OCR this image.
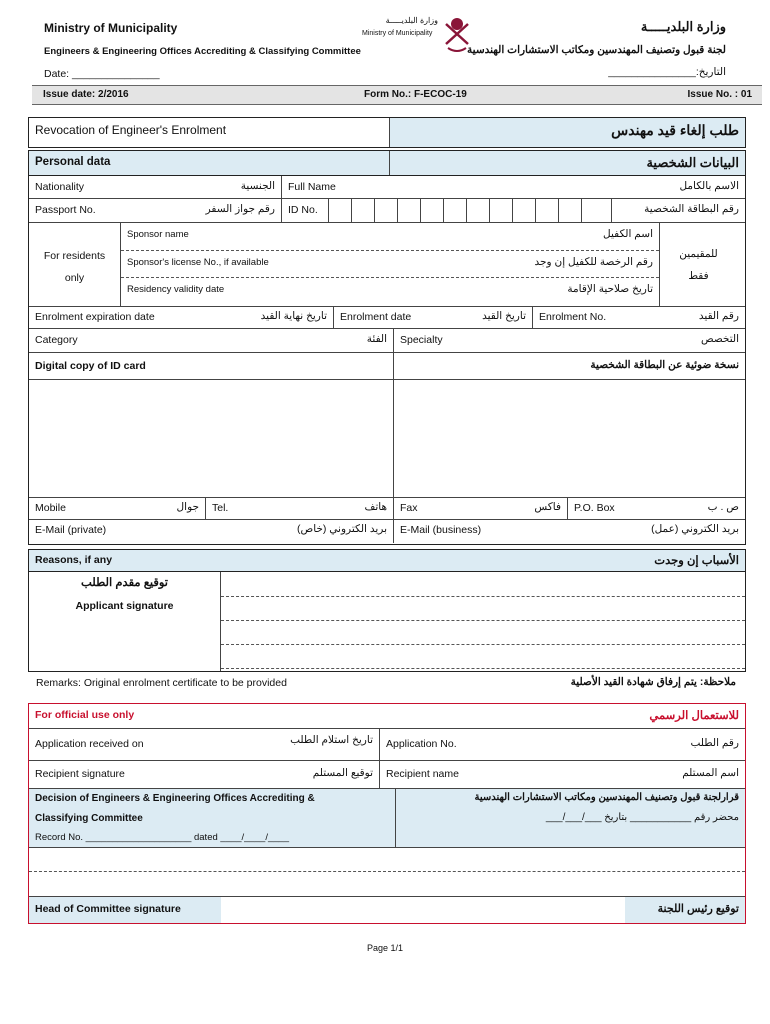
Ministry of Municipality	وزارة البلديـــــة
Engineers & Engineering Offices Accrediting & Classifying Committee	لجنة قبول وتصنيف المهندسين ومكاتب الاستشارات الهندسية
Date: _______________	التاريخ:_______________
وزارة البلديـــــة
Ministry of Municipality
Issue date: 2/2016	Form No.: F-ECOC-19	Issue No. : 01
Revocation of Engineer's Enrolment	طلب إلغاء قيد مهندس
Personal data	البيانات الشخصية
Nationality	الجنسية Full Name	الاسم بالكامل
Passport No.	رقم جواز السفر ID No.	رقم البطاقة الشخصية
For residents
only
Sponsor name	اسم الكفيل
Sponsor's license No., if available	رقم الرخصة للكفيل إن وجد
Residency validity date	تاريخ صلاحية الإقامة
للمقيمين
فقط
Enrolment expiration date	تاريخ نهاية القيد Enrolment date	تاريخ القيد Enrolment No.	رقم القيد
Category	الفئة Specialty	التخصص
Digital copy of ID card	نسخة ضوئية عن البطاقة الشخصية
Mobile	جوال Tel.	هاتف Fax	فاكس P.O. Box	ص . ب
E-Mail (private)	بريد الكتروني (خاص) E-Mail (business)	بريد الكتروني (عمل)
Reasons, if any	الأسباب إن وجدت
توقيع مقدم الطلب
Applicant signature
Remarks: Original enrolment certificate to be provided	ملاحظة: يتم إرفاق شهادة القيد الأصلية
For official use only	للاستعمال الرسمي
Application received on	تاريخ استلام الطلب Application No.	رقم الطلب
Recipient signature	توقيع المستلم Recipient name	اسم المستلم
Decision of Engineers & Engineering Offices Accrediting &
Classifying Committee
Record No. ____________________ dated ____/____/____
قرارلجنة قبول وتصنيف المهندسين ومكاتب الاستشارات الهندسية
محضر رقم ___________ بتاريخ ___/___/___
Head of Committee signature	توقيع رئيس اللجنة
Page 1/1
